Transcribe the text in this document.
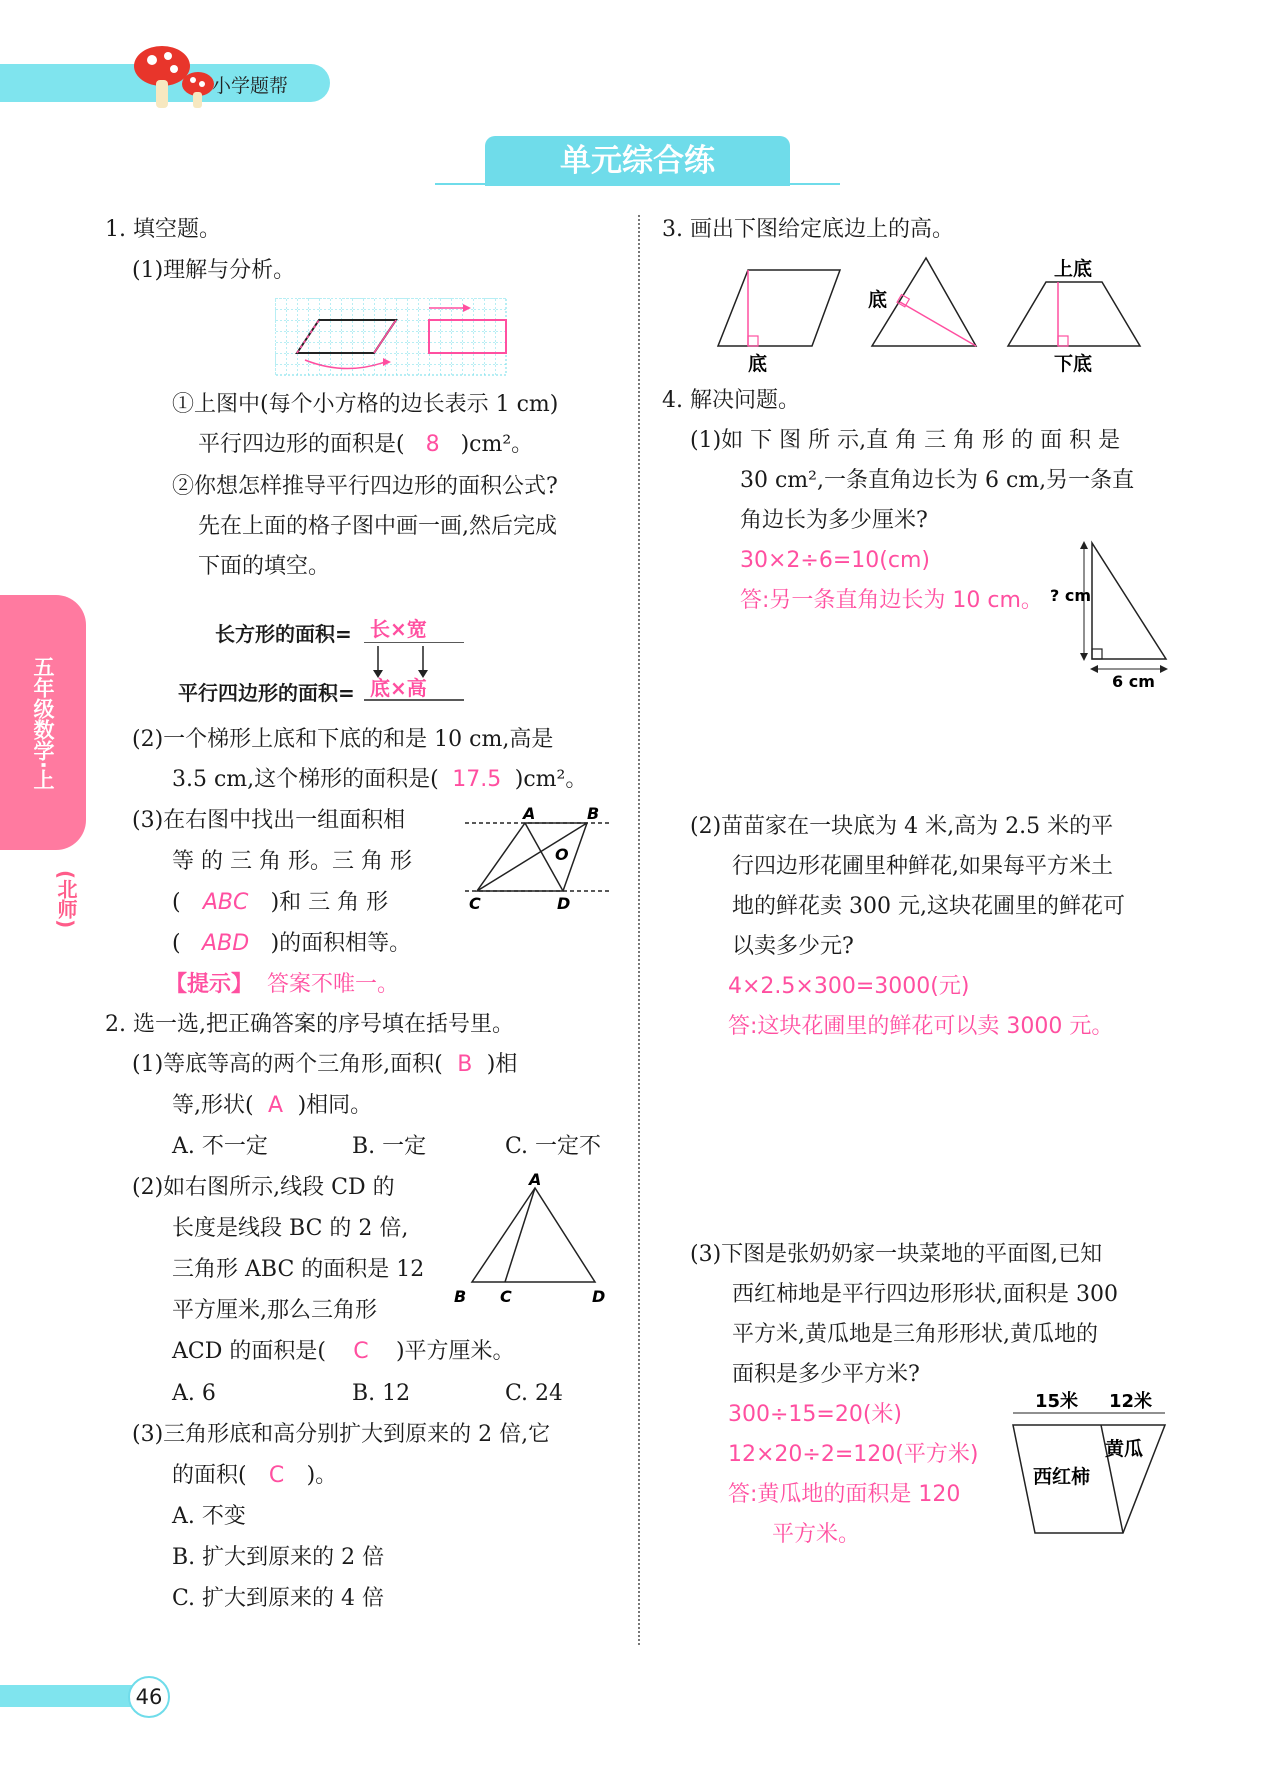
小学题帮
单元综合练
五年级数学·上
(北师)
1. 填空题。
(1)理解与分析。
①上图中(每个小方格的边长表示 1 cm)
平行四边形的面积是( 8 )cm²。
②你想怎样推导平行四边形的面积公式?
先在上面的格子图中画一画,然后完成
下面的填空。
长方形的面积= 长×宽
平行四边形的面积= 底×高
(2)一个梯形上底和下底的和是 10 cm,高是
3.5 cm,这个梯形的面积是( 17.5 )cm²。
(3)在右图中找出一组面积相
等 的 三 角 形。三 角 形
( ABC )和 三 角 形
( ABD )的面积相等。
A	B
O
C	D
【提示】 答案不唯一。
2. 选一选,把正确答案的序号填在括号里。
(1)等底等高的两个三角形,面积( B )相
等,形状( A )相同。
A. 不一定	B. 一定	C. 一定不
(2)如右图所示,线段 CD 的
长度是线段 BC 的 2 倍,
三角形 ABC 的面积是 12
平方厘米,那么三角形
ACD 的面积是( C )平方厘米。
A
B C	D
A. 6	B. 12	C. 24
(3)三角形底和高分别扩大到原来的 2 倍,它
的面积( C )。
A. 不变
B. 扩大到原来的 2 倍
C. 扩大到原来的 4 倍
3. 画出下图给定底边上的高。
底
底
上底
下底
4. 解决问题。
(1)如 下 图 所 示,直 角 三 角 形 的 面 积 是
30 cm²,一条直角边长为 6 cm,另一条直
角边长为多少厘米?
30×2÷6=10(cm)
答:另一条直角边长为 10 cm。 ? cm
6 cm
(2)苗苗家在一块底为 4 米,高为 2.5 米的平
行四边形花圃里种鲜花,如果每平方米土
地的鲜花卖 300 元,这块花圃里的鲜花可
以卖多少元?
4×2.5×300=3000(元)
答:这块花圃里的鲜花可以卖 3000 元。
(3)下图是张奶奶家一块菜地的平面图,已知
西红柿地是平行四边形形状,面积是 300
平方米,黄瓜地是三角形形状,黄瓜地的
面积是多少平方米?
300÷15=20(米)
12×20÷2=120(平方米)
答:黄瓜地的面积是 120
平方米。
15米 12米
西红柿
黄瓜
46
